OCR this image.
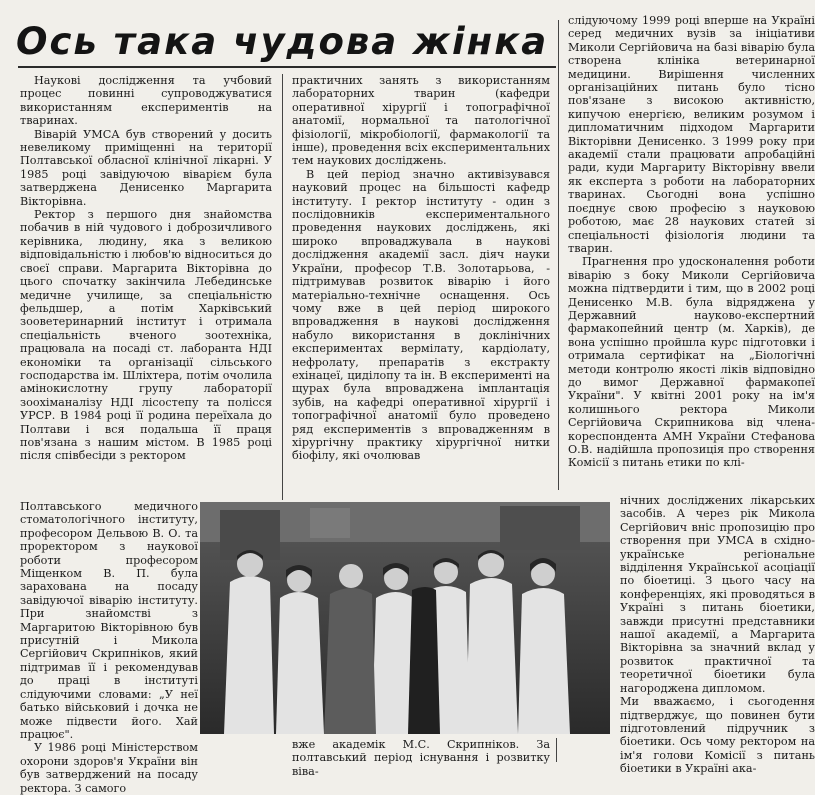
Ось така чудова жінка

Наукові дослідження та учбовий процес повинні супроводжуватися використанням експериментів на тваринах.

Віварій УМСА був створений у досить невеликому приміщенні на території Полтавської обласної клінічної лікарні. У 1985 році завідуючою віварієм була затверджена Денисенко Маргарита Вікторівна.

Ректор з першого дня знайомства побачив в ній чудового і доброзичливого керівника, людину, яка з великою відповідальністю і любов'ю відноситься до своєї справи. Маргарита Вікторівна до цього спочатку закінчила Лебединське медичне училище, за спеціальністю фельдшер, а потім Харківський зооветеринарний інститут і отримала спеціальність вченого зоотехніка, працювала на посаді ст. лаборанта НДІ економіки та організації сільського господарства ім. Шліхтера, потім очолила амінокислотну групу лабораторії зоохіманалізу НДІ лісостепу та полісся УРСР. В 1984 році її родина переїхала до Полтави і вся подальша її праця пов'язана з нашим містом. В 1985 році після співбесіди з ректором

Полтавського медичного стоматологічного інституту, професором Дельвою В. О. та проректором з наукової роботи професором Міщенком В. П. була зарахована на посаду завідуючої віварію інституту. При знайомстві з Маргаритою Вікторівною був присутній і Микола Сергійович Скрипніков, який підтримав її і рекомендував до праці в інституті слідуючими словами: „У неї батько військовий і дочка не може підвести його. Хай працює".

У 1986 році Міністерством охорони здоров'я України він був затверджений на посаду ректора. З самого

практичних занять з використанням лабораторних тварин (кафедри оперативної хірургії і топографічної анатомії, нормальної та патологічної фізіології, мікробіології, фармакології та інше), проведення всіх експериментальних тем наукових досліджень.

В цей період значно активізувався науковий процес на більшості кафедр інституту. І ректор інституту - один з послідовників експериментального проведення наукових досліджень, які широко впроваджувала в наукові дослідження академії засл. діяч науки України, професор Т.В. Золотарьова, - підтримував розвиток віварію і його матеріально-технічне оснащення. Ось чому вже в цей період широкого впровадження в наукові дослідження набуло використання в доклінічних експериментах вермілату, кардіолату, нефролату, препаратів з екстракту ехінацеї, циділопу та ін. В експерименті на щурах була впроваджена імплантація зубів, на кафедрі оперативної хірургії і топографічної анатомії було проведено ряд експериментів з впровадженням в хірургічну практику хірургічної нитки біофілу, які очолював

слідуючому 1999 році вперше на Україні серед медичних вузів за ініціативи Миколи Сергійовича на базі віварію була створена клініка ветеринарної медицини. Вирішення численних організаційних питань було тісно пов'язане з високою активністю, кипучою енергією, великим розумом і дипломатичним підходом Маргарити Вікторівни Денисенко. З 1999 року при академії стали працювати апробаційні ради, куди Маргариту Вікторівну ввели як експерта з роботи на лабораторних тваринах. Сьогодні вона успішно поєднує свою професію з науковою роботою, має 28 наукових статей зі спеціальності фізіологія людини та тварин.

Прагнення про удосконалення роботи віварію з боку Миколи Сергійовича можна підтвердити і тим, що в 2002 році Денисенко М.В. була відряджена у Державний науково-експертний фармакопейний центр (м. Харків), де вона успішно пройшла курс підготовки і отримала сертифікат на „Біологічні методи контролю якості ліків відповідно до вимог Державної фармакопеї України". У квітні 2001 року на ім'я колишнього ректора Миколи Сергійовича Скрипникова від члена-кореспондента АМН України Стефанова О.В. надійшла пропозиція про створення Комісії з питань етики по клі-

вже академік М.С. Скрипніков. За полтавський період існування і розвитку віва-

нічних досліджених лікарських засобів. А через рік Микола Сергійович вніс пропозицію про створення при УМСА в східно-українське регіональне відділення Української асоціації по біоетиці. З цього часу на конференціях, які проводяться в Україні з питань біоетики, завжди присутні представники нашої академії, а Маргарита Вікторівна за значний вклад у розвиток практичної та теоретичної біоетики була нагороджена дипломом.

Ми вважаємо, і сьогодення підтверджує, що повинен бути підготовлений підручник з біоетики. Ось чому ректором на ім'я голови Комісії з питань біоетики в Україні ака-
